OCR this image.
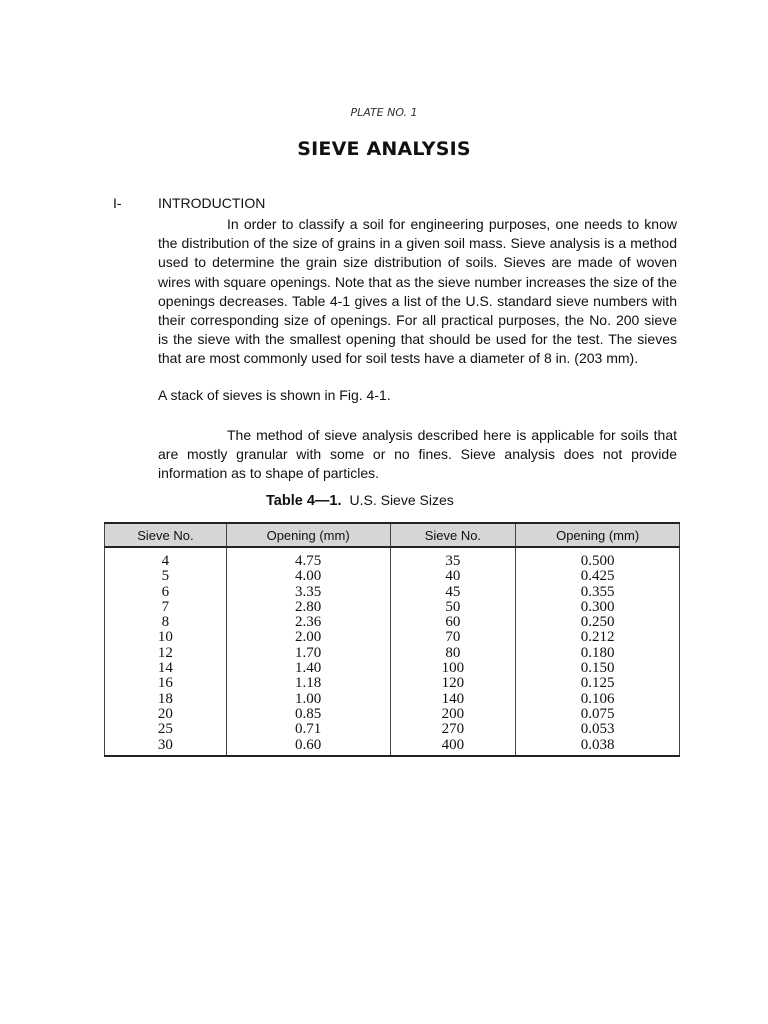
PLATE NO. 1
SIEVE ANALYSIS
I-	INTRODUCTION

In order to classify a soil for engineering purposes, one needs to know the distribution of the size of grains in a given soil mass. Sieve analysis is a method used to determine the grain size distribution of soils. Sieves are made of woven wires with square openings. Note that as the sieve number increases the size of the openings decreases. Table 4-1 gives a list of the U.S. standard sieve numbers with their corresponding size of openings. For all practical purposes, the No. 200 sieve is the sieve with the smallest opening that should be used for the test. The sieves that are most commonly used for soil tests have a diameter of 8 in. (203 mm).

A stack of sieves is shown in Fig. 4-1.

The method of sieve analysis described here is applicable for soils that are mostly granular with some or no fines. Sieve analysis does not provide information as to shape of particles.

Table 4—1. U.S. Sieve Sizes
Sieve No.	Opening (mm)	Sieve No.	Opening (mm)
4	4.75	35	0.500
5	4.00	40	0.425
6	3.35	45	0.355
7	2.80	50	0.300
8	2.36	60	0.250
10	2.00	70	0.212
12	1.70	80	0.180
14	1.40	100	0.150
16	1.18	120	0.125
18	1.00	140	0.106
20	0.85	200	0.075
25	0.71	270	0.053
30	0.60	400	0.038
